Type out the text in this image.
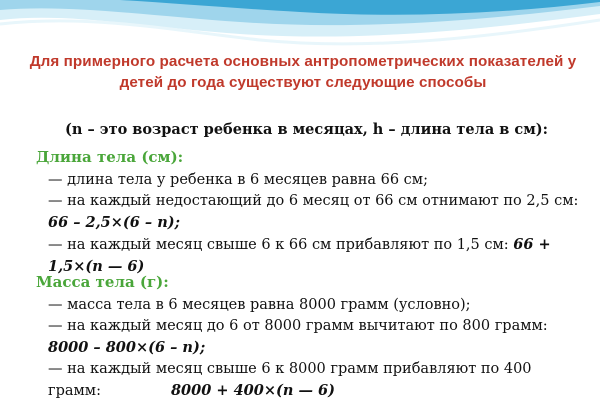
Для примерного расчета основных антропометрических показателей у детей до года существуют следующие способы
(n – это возраст ребенка в месяцах, h – длина тела в см):
Длина тела (см):

— длина тела у ребенка в 6 месяцев равна 66 см;

— на каждый недостающий до 6 месяц от 66 см отнимают по 2,5 см: 66 – 2,5×(6 – n);

— на каждый месяц свыше 6 к 66 см прибавляют по 1,5 см: 66 + 1,5×(n — 6)

Масса тела (г):

— масса тела в 6 месяцев равна 8000 грамм (условно);

— на каждый месяц до 6 от 8000 грамм вычитают по 800 грамм: 8000 – 800×(6 – n);

— на каждый месяц свыше 6 к 8000 грамм прибавляют по 400 грамм:	8000 + 400×(n — 6)
